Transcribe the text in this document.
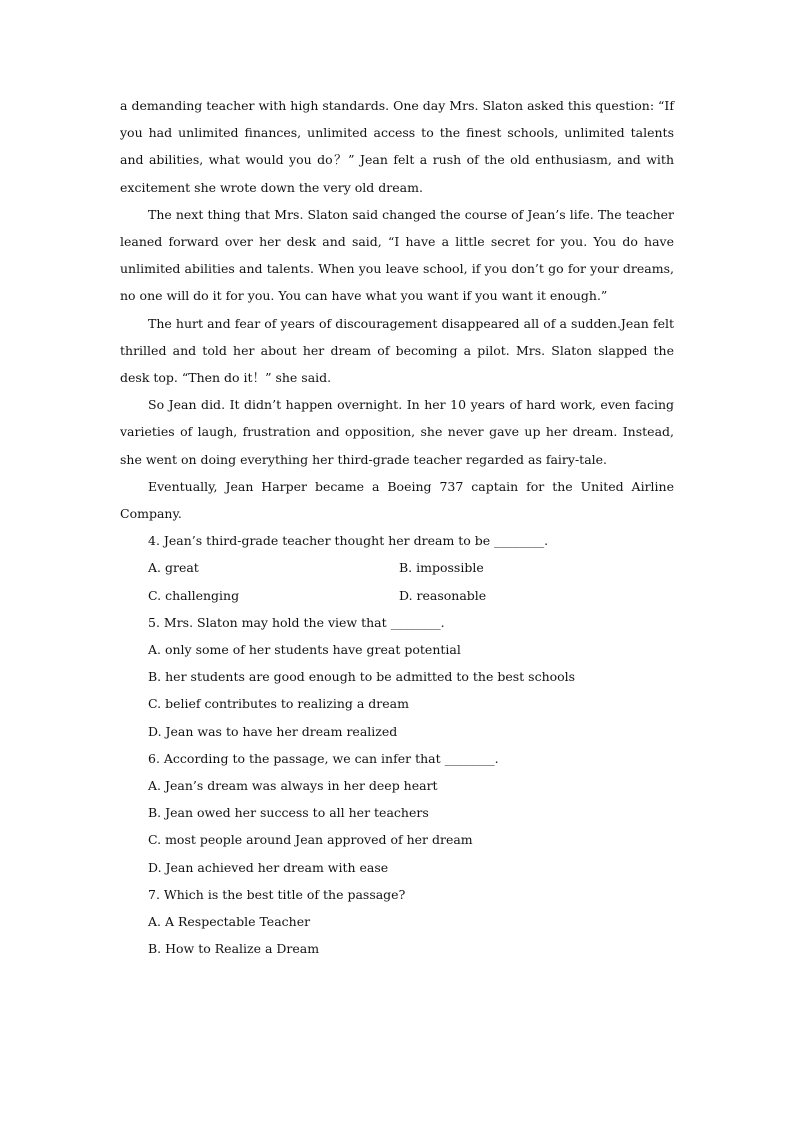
a demanding teacher with high standards. One day Mrs. Slaton asked this question: “If you had unlimited finances, unlimited access to the finest schools, unlimited talents and abilities, what would you do？” Jean felt a rush of the old enthusiasm, and with excitement she wrote down the very old dream.

The next thing that Mrs. Slaton said changed the course of Jean’s life. The teacher leaned forward over her desk and said, “I have a little secret for you. You do have unlimited abilities and talents. When you leave school, if you don’t go for your dreams, no one will do it for you. You can have what you want if you want it enough.”

The hurt and fear of years of discouragement disappeared all of a sudden.Jean felt thrilled and told her about her dream of becoming a pilot. Mrs. Slaton slapped the desk top. “Then do it！” she said.

So Jean did. It didn’t happen overnight. In her 10 years of hard work, even facing varieties of laugh, frustration and opposition, she never gave up her dream. Instead, she went on doing everything her third-grade teacher regarded as fairy-tale.

Eventually, Jean Harper became a Boeing 737 captain for the United Airline Company.

4. Jean’s third-grade teacher thought her dream to be ________.

A. great	B. impossible
C. challenging	D. reasonable

5. Mrs. Slaton may hold the view that ________.

A. only some of her students have great potential

B. her students are good enough to be admitted to the best schools

C. belief contributes to realizing a dream

D. Jean was to have her dream realized

6. According to the passage, we can infer that ________.

A. Jean’s dream was always in her deep heart

B. Jean owed her success to all her teachers

C. most people around Jean approved of her dream

D. Jean achieved her dream with ease

7. Which is the best title of the passage?

A. A Respectable Teacher

B. How to Realize a Dream
